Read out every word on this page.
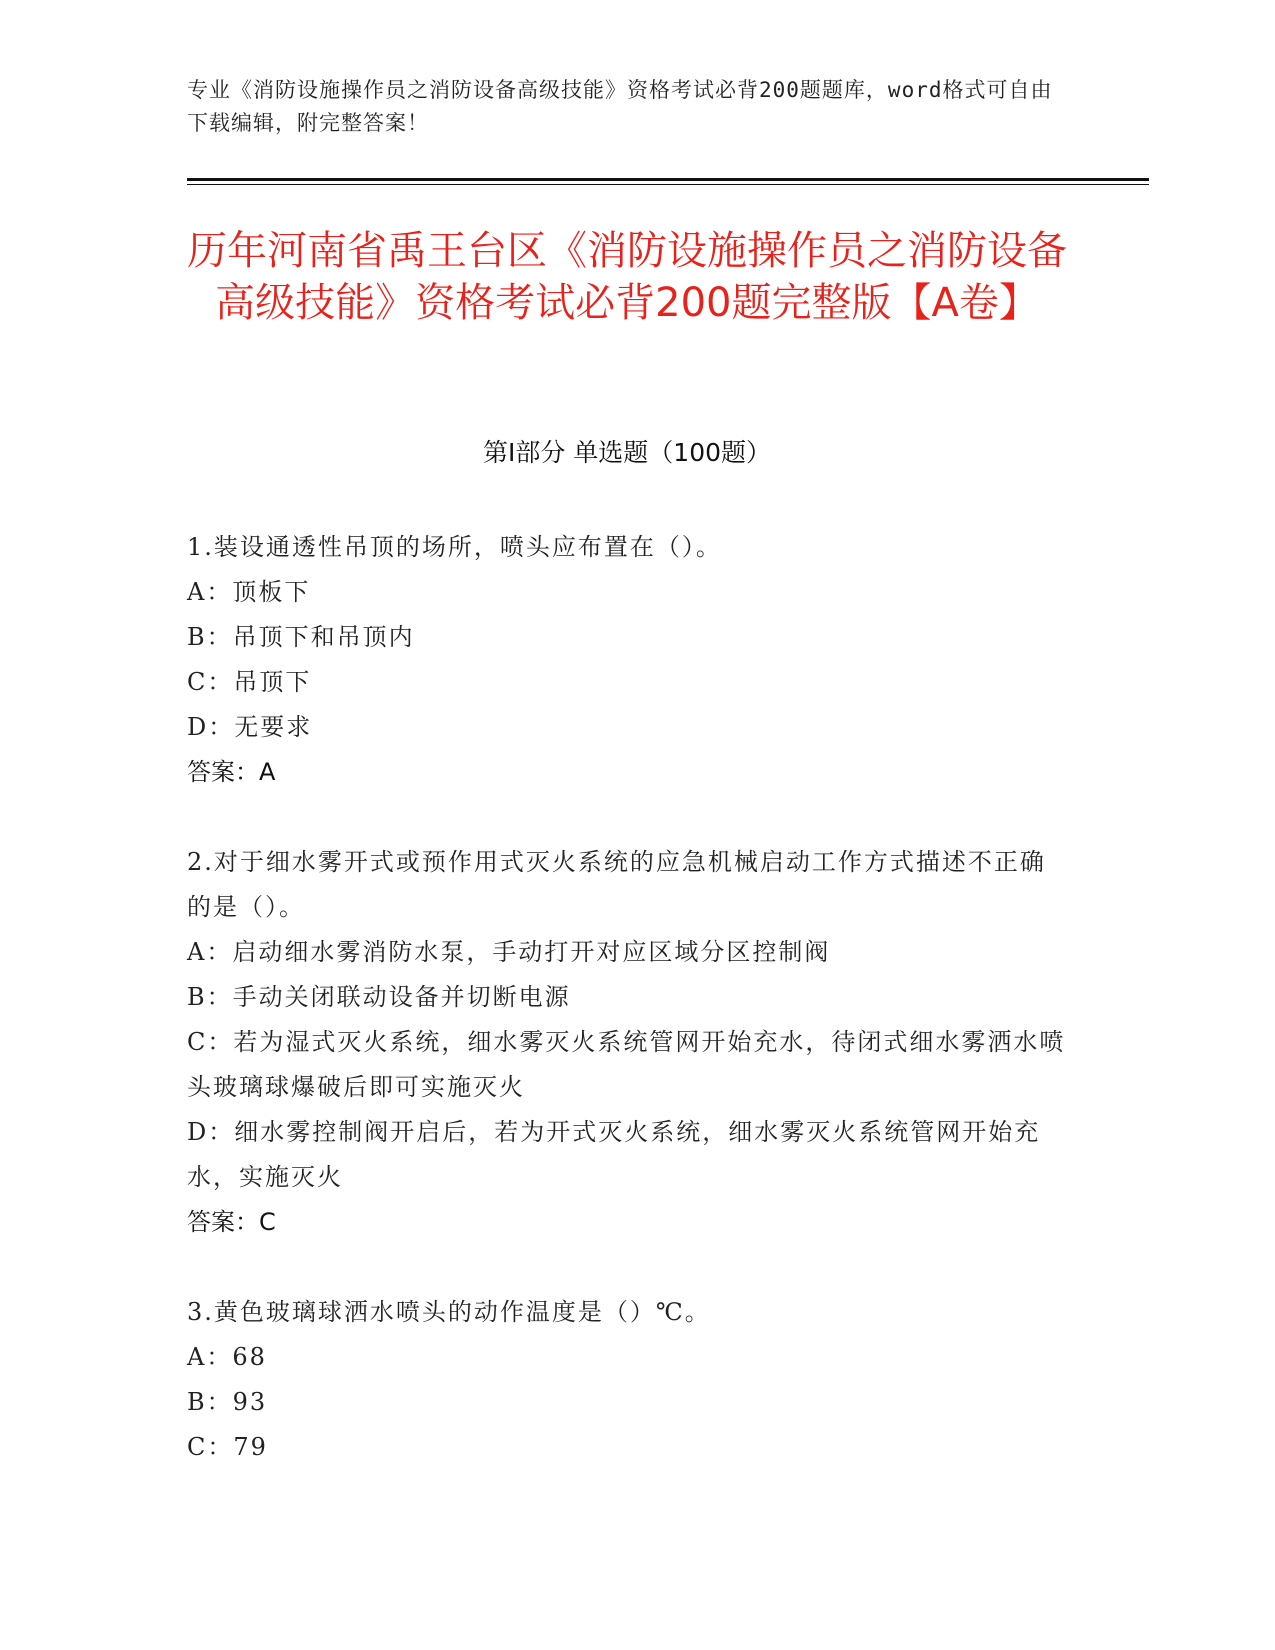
专业《消防设施操作员之消防设备高级技能》资格考试必背200题题库，word格式可自由下载编辑，附完整答案！
历年河南省禹王台区《消防设施操作员之消防设备高级技能》资格考试必背200题完整版【A卷】
第Ⅰ部分 单选题（100题）

1.装设通透性吊顶的场所，喷头应布置在（）。

A：顶板下

B：吊顶下和吊顶内

C：吊顶下

D：无要求

答案：A

2.对于细水雾开式或预作用式灭火系统的应急机械启动工作方式描述不正确的是（）。

A：启动细水雾消防水泵，手动打开对应区域分区控制阀

B：手动关闭联动设备并切断电源

C：若为湿式灭火系统，细水雾灭火系统管网开始充水，待闭式细水雾洒水喷头玻璃球爆破后即可实施灭火

D：细水雾控制阀开启后，若为开式灭火系统，细水雾灭火系统管网开始充水，实施灭火

答案：C

3.黄色玻璃球洒水喷头的动作温度是（）℃。

A：68

B：93

C：79
